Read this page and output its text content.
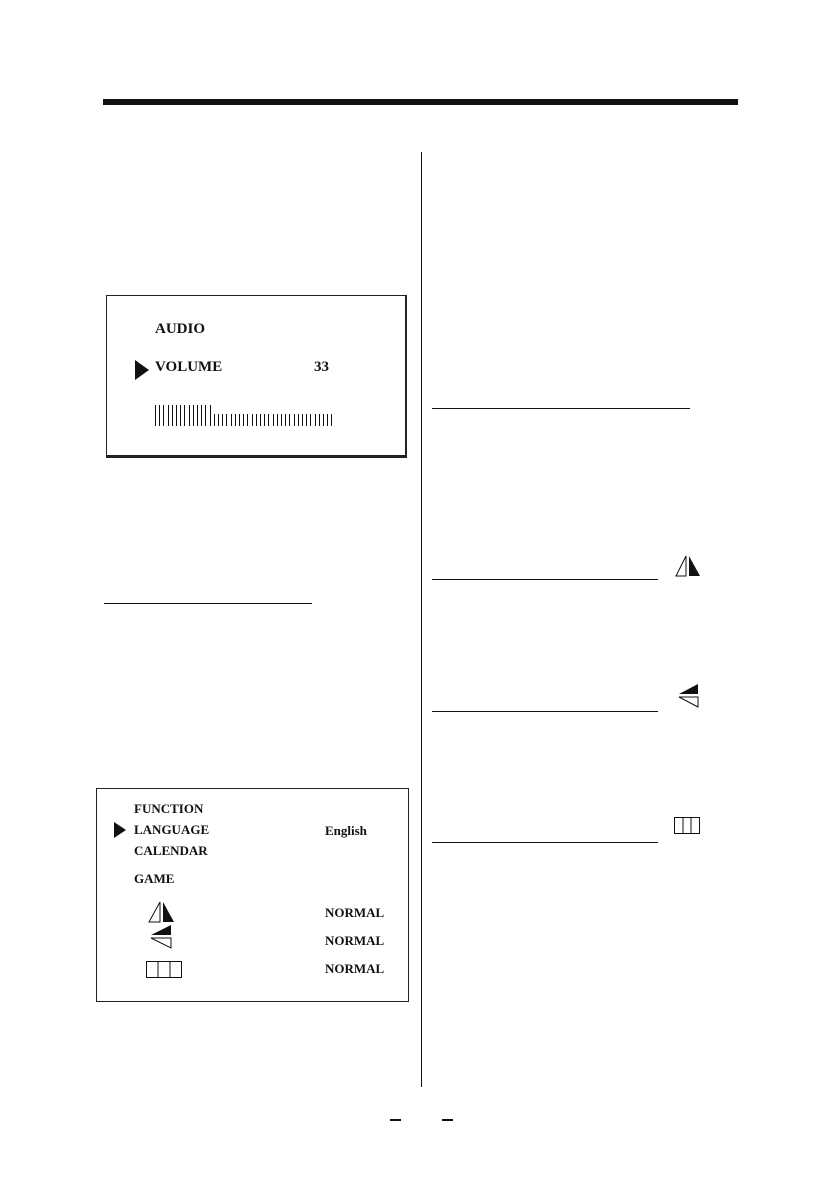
AUDIO
VOLUME	33
FUNCTION
LANGUAGE	English
CALENDAR
GAME
NORMAL
NORMAL
NORMAL
